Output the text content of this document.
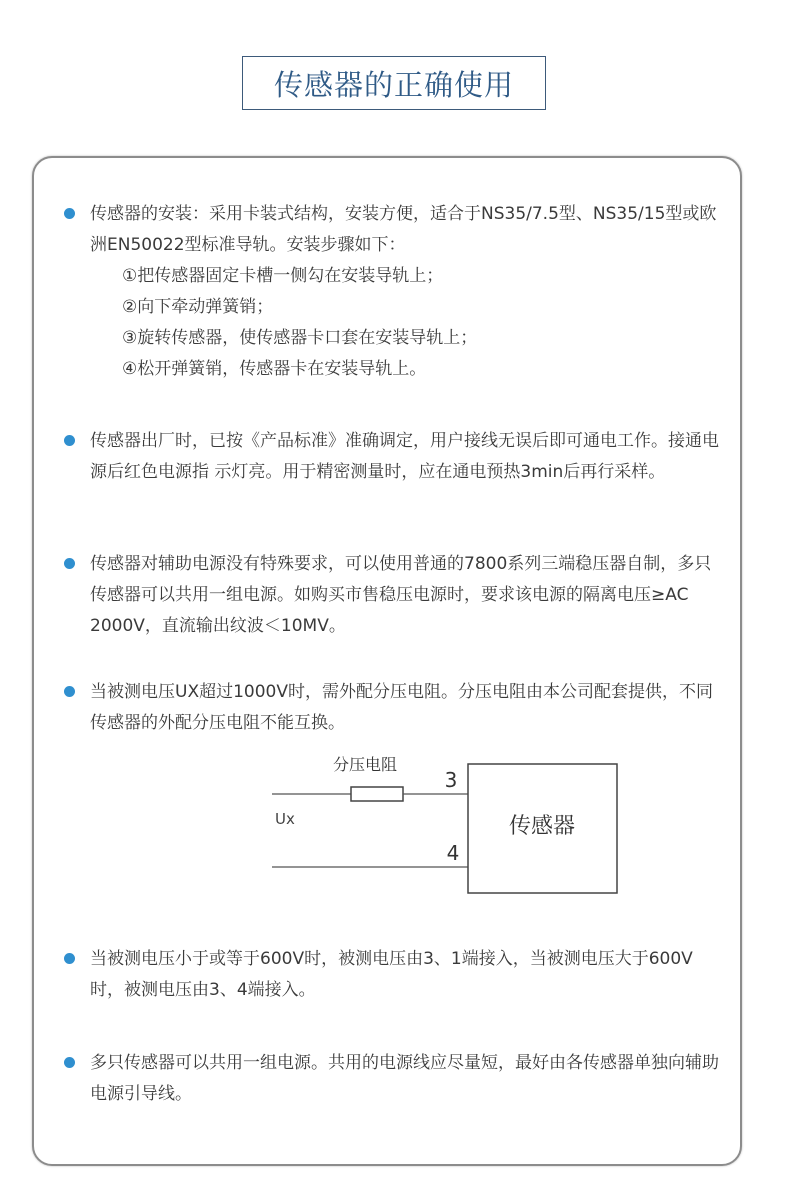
传感器的正确使用
传感器的安装：采用卡装式结构，安装方便，适合于NS35/7.5型、NS35/15型或欧洲EN50022型标准导轨。安装步骤如下：
①把传感器固定卡槽一侧勾在安装导轨上；
②向下牵动弹簧销；
③旋转传感器，使传感器卡口套在安装导轨上；
④松开弹簧销，传感器卡在安装导轨上。
传感器出厂时，已按《产品标准》准确调定，用户接线无误后即可通电工作。接通电源后红色电源指 示灯亮。用于精密测量时，应在通电预热3min后再行采样。
传感器对辅助电源没有特殊要求，可以使用普通的7800系列三端稳压器自制，多只传感器可以共用一组电源。如购买市售稳压电源时，要求该电源的隔离电压≥AC 2000V，直流输出纹波＜10MV。
当被测电压UX超过1000V时，需外配分压电阻。分压电阻由本公司配套提供，不同传感器的外配分压电阻不能互换。
分压电阻
3
Ux
4
传感器
当被测电压小于或等于600V时，被测电压由3、1端接入，当被测电压大于600V时，被测电压由3、4端接入。
多只传感器可以共用一组电源。共用的电源线应尽量短，最好由各传感器单独向辅助电源引导线。
